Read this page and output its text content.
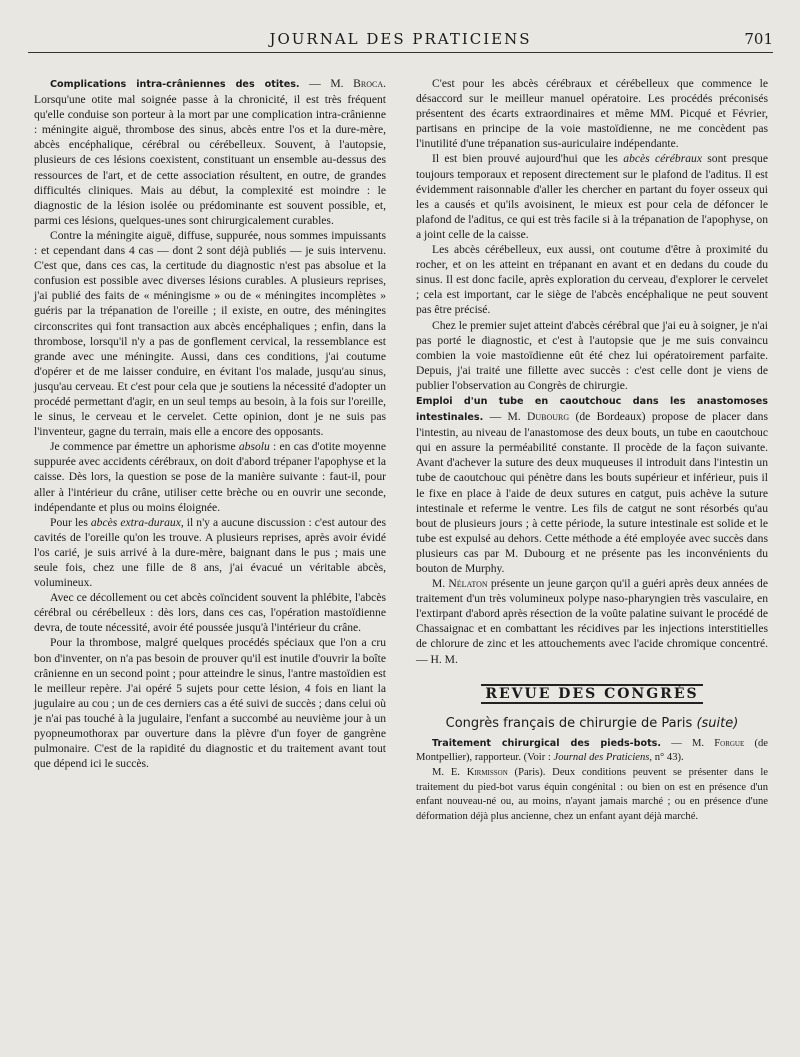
JOURNAL DES PRATICIENS	701

Complications intra-crâniennes des otites. — M. Broca. Lorsqu'une otite mal soignée passe à la chronicité, il est très fréquent qu'elle conduise son porteur à la mort par une complication intra-crânienne : méningite aiguë, thrombose des sinus, abcès entre l'os et la dure-mère, abcès encéphalique, cérébral ou cérébelleux. Souvent, à l'autopsie, plusieurs de ces lésions coexistent, constituant un ensemble au-dessus des ressources de l'art, et de cette association résultent, en outre, de grandes difficultés cliniques. Mais au début, la complexité est moindre : le diagnostic de la lésion isolée ou prédominante est souvent possible, et, parmi ces lésions, quelques-unes sont chirurgicalement curables.

Contre la méningite aiguë, diffuse, suppurée, nous sommes impuissants : et cependant dans 4 cas — dont 2 sont déjà publiés — je suis intervenu. C'est que, dans ces cas, la certitude du diagnostic n'est pas absolue et la confusion est possible avec diverses lésions curables. A plusieurs reprises, j'ai publié des faits de « méningisme » ou de « méningites incomplètes » guéris par la trépanation de l'oreille ; il existe, en outre, des méningites circonscrites qui font transaction aux abcès encéphaliques ; enfin, dans la thrombose, lorsqu'il n'y a pas de gonflement cervical, la ressemblance est grande avec une méningite. Aussi, dans ces conditions, j'ai coutume d'opérer et de me laisser conduire, en évitant l'os malade, jusqu'au sinus, jusqu'au cerveau. Et c'est pour cela que je soutiens la nécessité d'adopter un procédé permettant d'agir, en un seul temps au besoin, à la fois sur l'oreille, le sinus, le cerveau et le cervelet. Cette opinion, dont je ne suis pas l'inventeur, gagne du terrain, mais elle a encore des opposants.

Je commence par émettre un aphorisme absolu : en cas d'otite moyenne suppurée avec accidents cérébraux, on doit d'abord trépaner l'apophyse et la caisse. Dès lors, la question se pose de la manière suivante : faut-il, pour aller à l'intérieur du crâne, utiliser cette brèche ou en ouvrir une seconde, indépendante et plus ou moins éloignée.

Pour les abcès extra-duraux, il n'y a aucune discussion : c'est autour des cavités de l'oreille qu'on les trouve. A plusieurs reprises, après avoir évidé l'os carié, je suis arrivé à la dure-mère, baignant dans le pus ; mais une seule fois, chez une fille de 8 ans, j'ai évacué un véritable abcès, volumineux.

Avec ce décollement ou cet abcès coïncident souvent la phlébite, l'abcès cérébral ou cérébelleux : dès lors, dans ces cas, l'opération mastoïdienne devra, de toute nécessité, avoir été poussée jusqu'à l'intérieur du crâne.

Pour la thrombose, malgré quelques procédés spéciaux que l'on a cru bon d'inventer, on n'a pas besoin de prouver qu'il est inutile d'ouvrir la boîte crânienne en un second point ; pour atteindre le sinus, l'antre mastoïdien est le meilleur repère. J'ai opéré 5 sujets pour cette lésion, 4 fois en liant la jugulaire au cou ; un de ces derniers cas a été suivi de succès ; dans celui où je n'ai pas touché à la jugulaire, l'enfant a succombé au neuvième jour à un pyopneumothorax par ouverture dans la plèvre d'un foyer de gangrène pulmonaire. C'est de la rapidité du diagnostic et du traitement avant tout que dépend ici le succès.

C'est pour les abcès cérébraux et cérébelleux que commence le désaccord sur le meilleur manuel opératoire. Les procédés préconisés présentent des écarts extraordinaires et même MM. Picqué et Février, partisans en principe de la voie mastoïdienne, ne me concèdent pas l'inutilité d'une trépanation sus-auriculaire indépendante.

Il est bien prouvé aujourd'hui que les abcès cérébraux sont presque toujours temporaux et reposent directement sur le plafond de l'aditus. Il est évidemment raisonnable d'aller les chercher en partant du foyer osseux qui les a causés et qu'ils avoisinent, le mieux est pour cela de défoncer le plafond de l'aditus, ce qui est très facile si à la trépanation de l'apophyse, on a joint celle de la caisse.

Les abcès cérébelleux, eux aussi, ont coutume d'être à proximité du rocher, et on les atteint en trépanant en avant et en dedans du coude du sinus. Il est donc facile, après exploration du cerveau, d'explorer le cervelet ; cela est important, car le siège de l'abcès encéphalique ne peut souvent pas être précisé.

Chez le premier sujet atteint d'abcès cérébral que j'ai eu à soigner, je n'ai pas porté le diagnostic, et c'est à l'autopsie que je me suis convaincu combien la voie mastoïdienne eût été chez lui opératoirement parfaite. Depuis, j'ai traité une fillette avec succès : c'est celle dont je viens de publier l'observation au Congrès de chirurgie.

Emploi d'un tube en caoutchouc dans les anastomoses intestinales. — M. Dubourg (de Bordeaux) propose de placer dans l'intestin, au niveau de l'anastomose des deux bouts, un tube en caoutchouc qui en assure la perméabilité constante. Il procède de la façon suivante. Avant d'achever la suture des deux muqueuses il introduit dans l'intestin un tube de caoutchouc qui pénètre dans les bouts supérieur et inférieur, puis il le fixe en place à l'aide de deux sutures en catgut, puis achève la suture intestinale et referme le ventre. Les fils de catgut ne sont résorbés qu'au bout de plusieurs jours ; à cette période, la suture intestinale est solide et le tube est expulsé au dehors. Cette méthode a été employée avec succès dans plusieurs cas par M. Dubourg et ne présente pas les inconvénients du bouton de Murphy.

M. Nélaton présente un jeune garçon qu'il a guéri après deux années de traitement d'un très volumineux polype naso-pharyngien très vasculaire, en l'extirpant d'abord après résection de la voûte palatine suivant le procédé de Chassaignac et en combattant les récidives par les injections interstitielles de chlorure de zinc et les attouchements avec l'acide chromique concentré. — H. M.

REVUE DES CONGRÈS
Congrès français de chirurgie de Paris (suite)

Traitement chirurgical des pieds-bots. — M. Forgue (de Montpellier), rapporteur. (Voir : Journal des Praticiens, n° 43).

M. E. Kirmisson (Paris). Deux conditions peuvent se présenter dans le traitement du pied-bot varus équin congénital : ou bien on est en présence d'un enfant nouveau-né ou, au moins, n'ayant jamais marché ; ou en présence d'une déformation déjà plus ancienne, chez un enfant ayant déjà marché.
